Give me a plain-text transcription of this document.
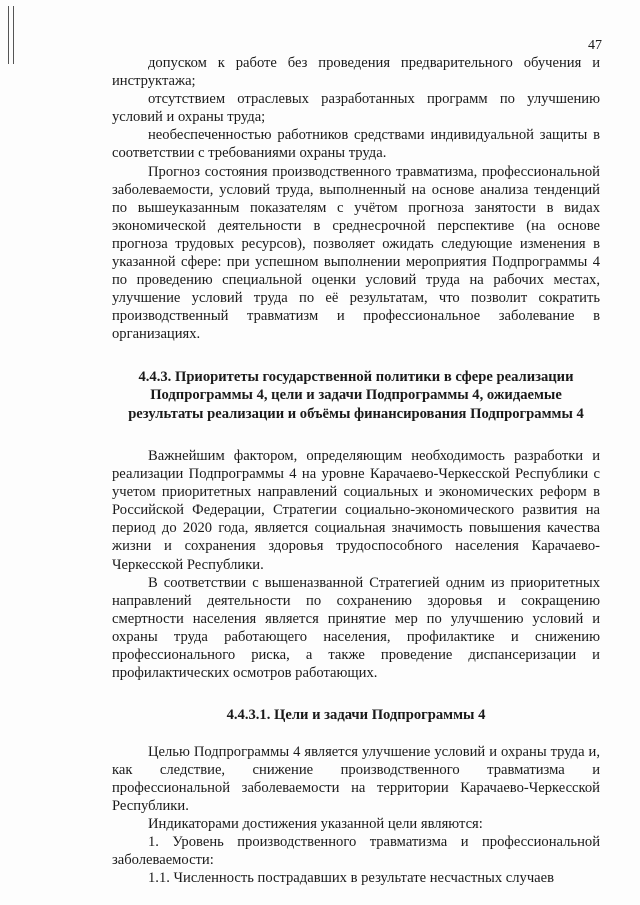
47

допуском к работе без проведения предварительного обучения и инструктажа;

отсутствием отраслевых разработанных программ по улучшению условий и охраны труда;

необеспеченностью работников средствами индивидуальной защиты в соответствии с требованиями охраны труда.

Прогноз состояния производственного травматизма, профессиональной заболеваемости, условий труда, выполненный на основе анализа тенденций по вышеуказанным показателям с учётом прогноза занятости в видах экономической деятельности в среднесрочной перспективе (на основе прогноза трудовых ресурсов), позволяет ожидать следующие изменения в указанной сфере: при успешном выполнении мероприятия Подпрограммы 4 по проведению специальной оценки условий труда на рабочих местах, улучшение условий труда по её результатам, что позволит сократить производственный травматизм и профессиональное заболевание в организациях.

4.4.3. Приоритеты государственной политики в сфере реализации Подпрограммы 4, цели и задачи Подпрограммы 4, ожидаемые результаты реализации и объёмы финансирования Подпрограммы 4

Важнейшим фактором, определяющим необходимость разработки и реализации Подпрограммы 4 на уровне Карачаево-Черкесской Республики с учетом приоритетных направлений социальных и экономических реформ в Российской Федерации, Стратегии социально-экономического развития на период до 2020 года, является социальная значимость повышения качества жизни и сохранения здоровья трудоспособного населения Карачаево-Черкесской Республики.

В соответствии с вышеназванной Стратегией одним из приоритетных направлений деятельности по сохранению здоровья и сокращению смертности населения является принятие мер по улучшению условий и охраны труда работающего населения, профилактике и снижению профессионального риска, а также проведение диспансеризации и профилактических осмотров работающих.

4.4.3.1. Цели и задачи Подпрограммы 4

Целью Подпрограммы 4 является улучшение условий и охраны труда и, как следствие, снижение производственного травматизма и профессиональной заболеваемости на территории Карачаево-Черкесской Республики.

Индикаторами достижения указанной цели являются:

1. Уровень производственного травматизма и профессиональной заболеваемости:

1.1. Численность пострадавших в результате несчастных случаев
